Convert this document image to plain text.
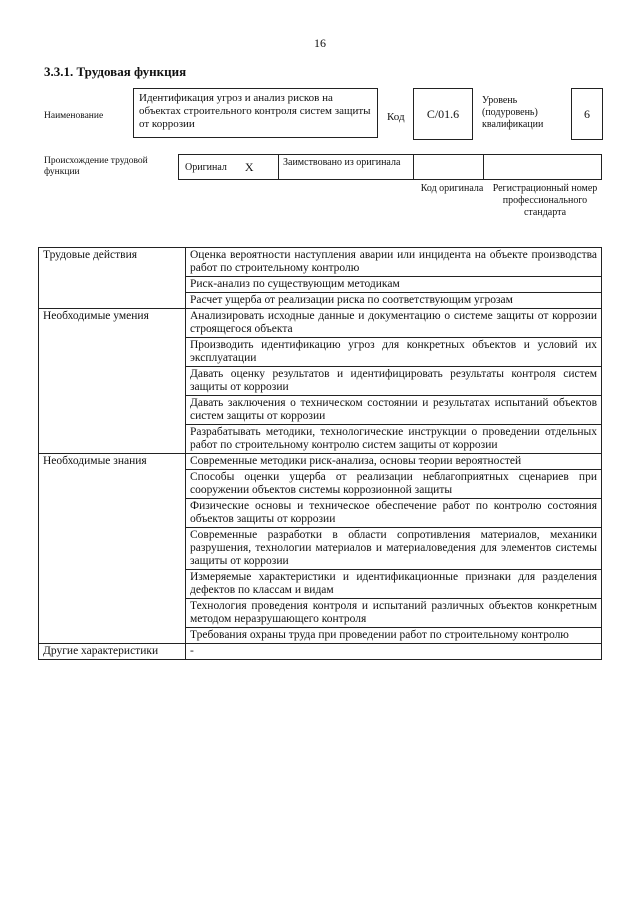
16
3.3.1. Трудовая функция
Наименование
Идентификация угроз и анализ рисков на объектах строительного контроля систем защиты от коррозии
Код	C/01.6
Уровень (подуровень) квалификации
6
Происхождение трудовой функции	Оригинал X	Заимствовано из оригинала
Код оригинала Регистрационный номер профессионального стандарта
Трудовые действия	Оценка вероятности наступления аварии или инцидента на объекте производства работ по строительному контролю
	Риск-анализ по существующим методикам
	Расчет ущерба от реализации риска по соответствующим угрозам
Необходимые умения	Анализировать исходные данные и документацию о системе защиты от коррозии строящегося объекта
	Производить идентификацию угроз для конкретных объектов и условий их эксплуатации
	Давать оценку результатов и идентифицировать результаты контроля систем защиты от коррозии
	Давать заключения о техническом состоянии и результатах испытаний объектов систем защиты от коррозии
	Разрабатывать методики, технологические инструкции о проведении отдельных работ по строительному контролю систем защиты от коррозии
Необходимые знания	Современные методики риск-анализа, основы теории вероятностей
	Способы оценки ущерба от реализации неблагоприятных сценариев при сооружении объектов системы коррозионной защиты
	Физические основы и техническое обеспечение работ по контролю состояния объектов защиты от коррозии
	Современные разработки в области сопротивления материалов, механики разрушения, технологии материалов и материаловедения для элементов системы защиты от коррозии
	Измеряемые характеристики и идентификационные признаки для разделения дефектов по классам и видам
	Технология проведения контроля и испытаний различных объектов конкретным методом неразрушающего контроля
	Требования охраны труда при проведении работ по строительному контролю
Другие характеристики	-
